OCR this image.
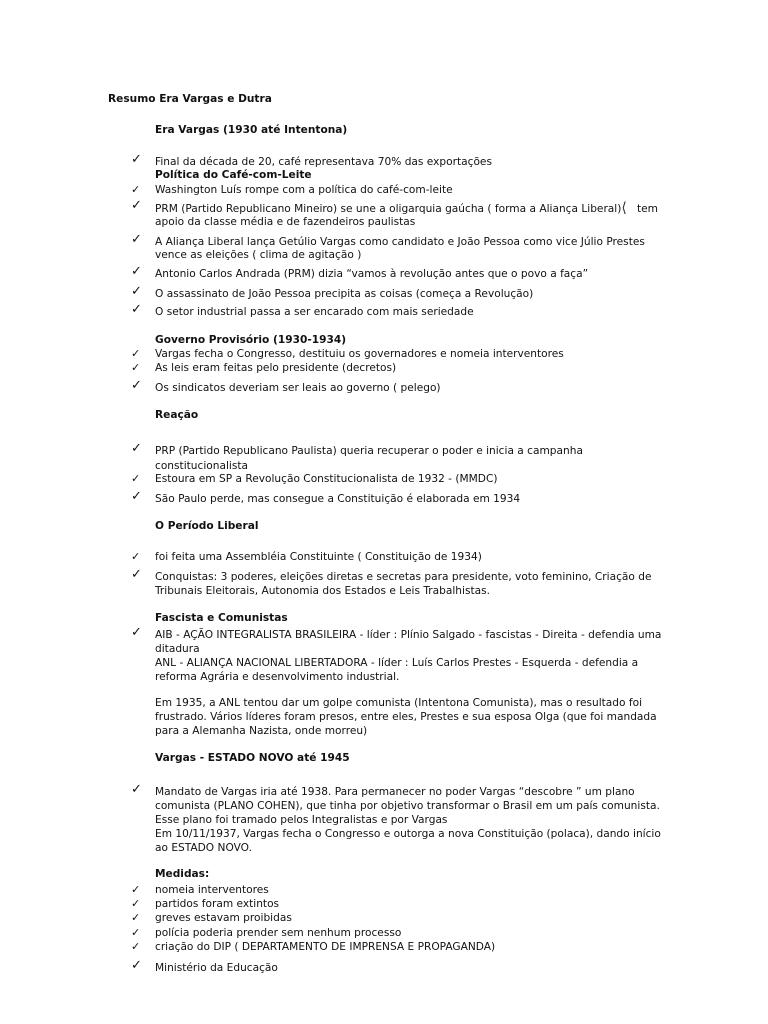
Resumo Era Vargas e Dutra
Era Vargas (1930 até Intentona)
✓	Final da década de 20, café representava 70% das exportações
Política do Café-com-Leite
✓	Washington Luís rompe com a política do café-com-leite
✓	PRM (Partido Republicano Mineiro) se une a oligarquia gaúcha ( forma a Aliança Liberal)⟨ tem
apoio da classe média e de fazendeiros paulistas
✓	A Aliança Liberal lança Getúlio Vargas como candidato e João Pessoa como vice Júlio Prestes
vence as eleições ( clima de agitação )
✓	Antonio Carlos Andrada (PRM) dizia “vamos à revolução antes que o povo a faça”
✓	O assassinato de João Pessoa precipita as coisas (começa a Revolução)
✓	O setor industrial passa a ser encarado com mais seriedade
Governo Provisório (1930-1934)
✓	Vargas fecha o Congresso, destituiu os governadores e nomeia interventores
✓	As leis eram feitas pelo presidente (decretos)
✓	Os sindicatos deveriam ser leais ao governo ( pelego)
Reação
✓	PRP (Partido Republicano Paulista) queria recuperar o poder e inicia a campanha
constitucionalista
✓	Estoura em SP a Revolução Constitucionalista de 1932 - (MMDC)
✓	São Paulo perde, mas consegue a Constituição é elaborada em 1934
O Período Liberal
✓	foi feita uma Assembléia Constituinte ( Constituição de 1934)
✓	Conquistas: 3 poderes, eleições diretas e secretas para presidente, voto feminino, Criação de
Tribunais Eleitorais, Autonomia dos Estados e Leis Trabalhistas.
Fascista e Comunistas
✓	AIB - AÇÃO INTEGRALISTA BRASILEIRA - líder : Plínio Salgado - fascistas - Direita - defendia uma
ditadura
ANL - ALIANÇA NACIONAL LIBERTADORA - líder : Luís Carlos Prestes - Esquerda - defendia a
reforma Agrária e desenvolvimento industrial.
Em 1935, a ANL tentou dar um golpe comunista (Intentona Comunista), mas o resultado foi
frustrado. Vários líderes foram presos, entre eles, Prestes e sua esposa Olga (que foi mandada
para a Alemanha Nazista, onde morreu)
Vargas - ESTADO NOVO até 1945
✓	Mandato de Vargas iria até 1938. Para permanecer no poder Vargas “descobre ” um plano
comunista (PLANO COHEN), que tinha por objetivo transformar o Brasil em um país comunista.
Esse plano foi tramado pelos Integralistas e por Vargas
Em 10/11/1937, Vargas fecha o Congresso e outorga a nova Constituição (polaca), dando início
ao ESTADO NOVO.
Medidas:
✓	nomeia interventores
✓	partidos foram extintos
✓	greves estavam proibidas
✓	polícia poderia prender sem nenhum processo
✓	criação do DIP ( DEPARTAMENTO DE IMPRENSA E PROPAGANDA)
✓	Ministério da Educação
